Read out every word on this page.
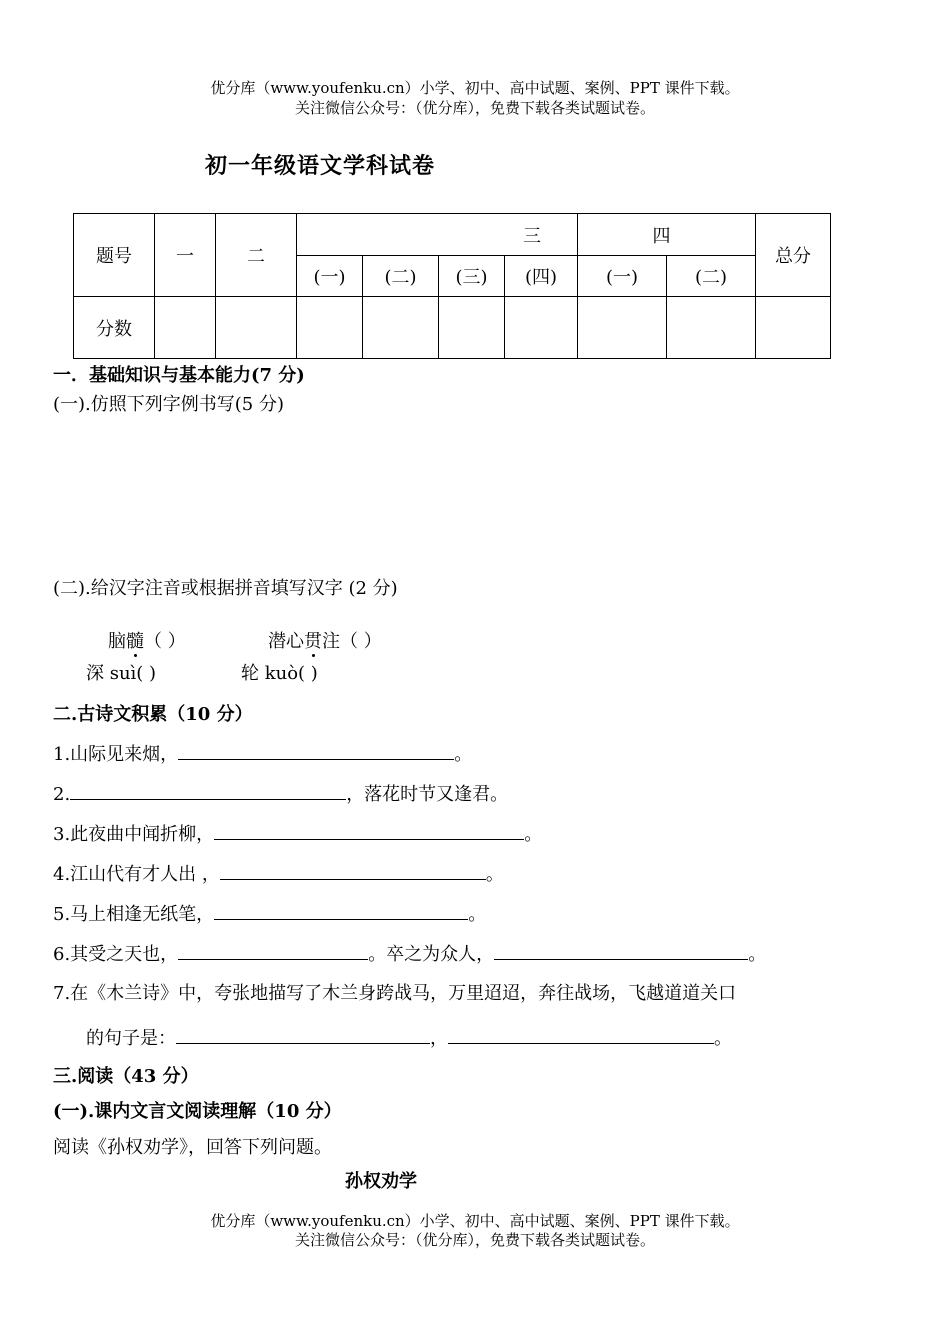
优分库（www.youfenku.cn）小学、初中、高中试题、案例、PPT 课件下载。
关注微信公众号：（优分库），免费下载各类试题试卷。
初一年级语文学科试卷
题号	一	二	三				四		总分
			(一)	(二)	(三)	(四)	(一)	(二)	
分数									
一．基础知识与基本能力(7 分)
(一).仿照下列字例书写(5 分)
(二).给汉字注音或根据拼音填写汉字 (2 分)
脑髓（ ）	潜心贯注（ ）
深 suì( )	轮 kuò( )
二.古诗文积累（10 分）
1.山际见来烟，	。
2.	，落花时节又逢君。
3.此夜曲中闻折柳，	。
4.江山代有才人出 ，	。
5.马上相逢无纸笔，	。
6.其受之天也，	。卒之为众人，	。
7.在《木兰诗》中，夸张地描写了木兰身跨战马，万里迢迢，奔往战场，飞越道道关口
的句子是：	，	。
三.阅读（43 分）
(一).课内文言文阅读理解（10 分）
阅读《孙权劝学》，回答下列问题。
孙权劝学
优分库（www.youfenku.cn）小学、初中、高中试题、案例、PPT 课件下载。
关注微信公众号：（优分库），免费下载各类试题试卷。
